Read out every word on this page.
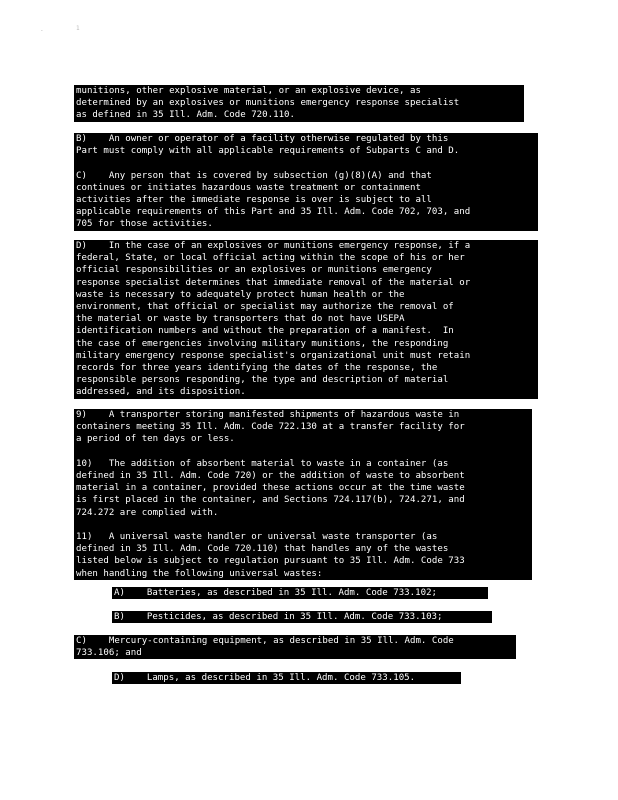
-	1
munitions, other explosive material, or an explosive device, as
determined by an explosives or munitions emergency response specialist
as defined in 35 Ill. Adm. Code 720.110.
B)    An owner or operator of a facility otherwise regulated by this
Part must comply with all applicable requirements of Subparts C and D.
C)    Any person that is covered by subsection (g)(8)(A) and that
continues or initiates hazardous waste treatment or containment
activities after the immediate response is over is subject to all
applicable requirements of this Part and 35 Ill. Adm. Code 702, 703, and
705 for those activities.
D)    In the case of an explosives or munitions emergency response, if a
federal, State, or local official acting within the scope of his or her
official responsibilities or an explosives or munitions emergency
response specialist determines that immediate removal of the material or
waste is necessary to adequately protect human health or the
environment, that official or specialist may authorize the removal of
the material or waste by transporters that do not have USEPA
identification numbers and without the preparation of a manifest.  In
the case of emergencies involving military munitions, the responding
military emergency response specialist's organizational unit must retain
records for three years identifying the dates of the response, the
responsible persons responding, the type and description of material
addressed, and its disposition.
9)    A transporter storing manifested shipments of hazardous waste in
containers meeting 35 Ill. Adm. Code 722.130 at a transfer facility for
a period of ten days or less.
10)   The addition of absorbent material to waste in a container (as
defined in 35 Ill. Adm. Code 720) or the addition of waste to absorbent
material in a container, provided these actions occur at the time waste
is first placed in the container, and Sections 724.117(b), 724.271, and
724.272 are complied with.
11)   A universal waste handler or universal waste transporter (as
defined in 35 Ill. Adm. Code 720.110) that handles any of the wastes
listed below is subject to regulation pursuant to 35 Ill. Adm. Code 733
when handling the following universal wastes:
A)    Batteries, as described in 35 Ill. Adm. Code 733.102;
B)    Pesticides, as described in 35 Ill. Adm. Code 733.103;
C)    Mercury-containing equipment, as described in 35 Ill. Adm. Code
733.106; and
D)    Lamps, as described in 35 Ill. Adm. Code 733.105.
